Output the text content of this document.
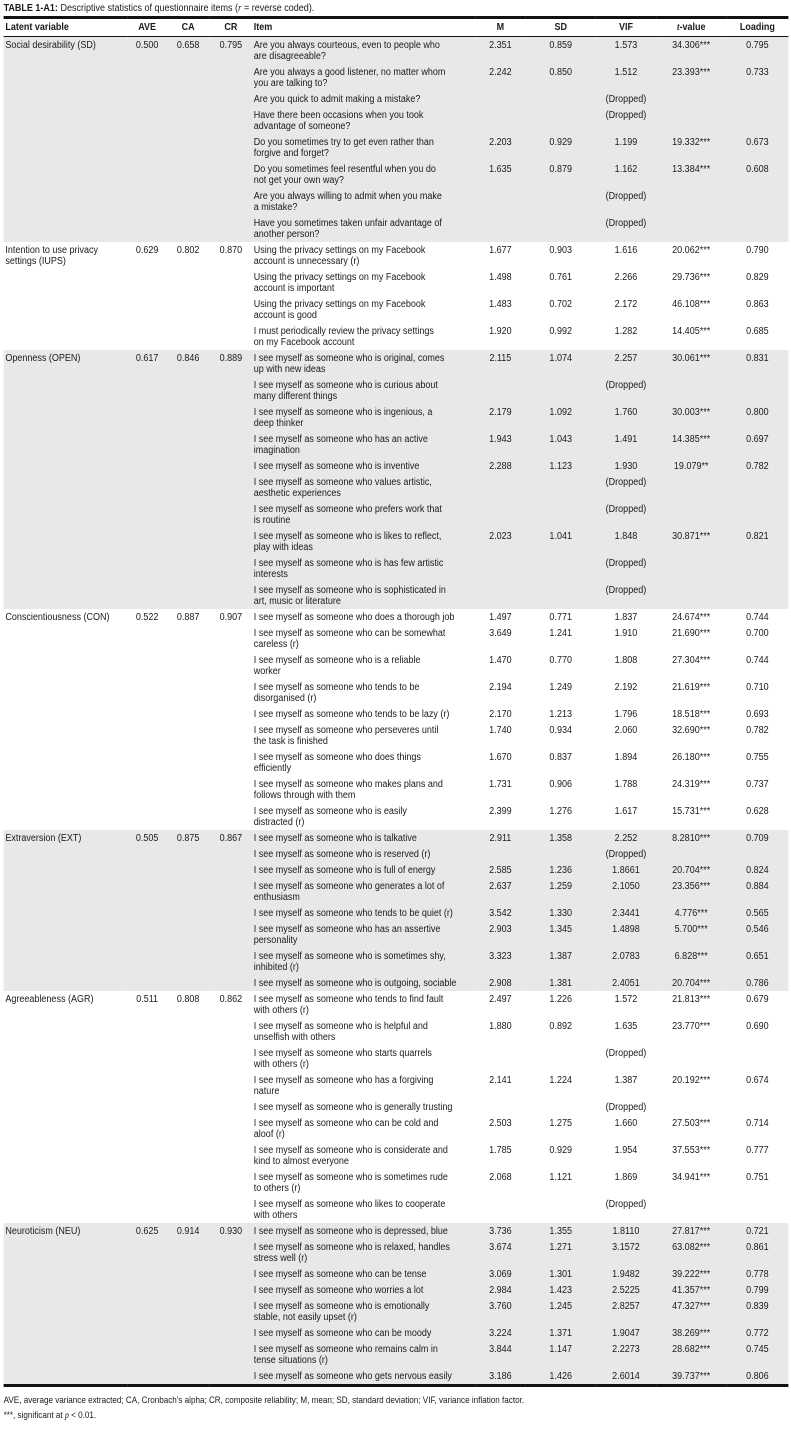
TABLE 1-A1: Descriptive statistics of questionnaire items (r = reverse coded).
Latent variable	AVE	CA	CR	Item	M	SD	VIF	t-value	Loading
Social desirability (SD)	0.500	0.658	0.795	Are you always courteous, even to people who
are disagreeable?	2.351	0.859	1.573	34.306***	0.795
				Are you always a good listener, no matter whom
you are talking to?	2.242	0.850	1.512	23.393***	0.733
				Are you quick to admit making a mistake?			(Dropped)		
				Have there been occasions when you took
advantage of someone?			(Dropped)		
				Do you sometimes try to get even rather than
forgive and forget?	2.203	0.929	1.199	19.332***	0.673
				Do you sometimes feel resentful when you do
not get your own way?	1.635	0.879	1.162	13.384***	0.608
				Are you always willing to admit when you make
a mistake?			(Dropped)		
				Have you sometimes taken unfair advantage of
another person?			(Dropped)		
Intention to use privacy
settings (IUPS)	0.629	0.802	0.870	Using the privacy settings on my Facebook
account is unnecessary (r)	1.677	0.903	1.616	20.062***	0.790
				Using the privacy settings on my Facebook
account is important	1.498	0.761	2.266	29.736***	0.829
				Using the privacy settings on my Facebook
account is good	1.483	0.702	2.172	46.108***	0.863
				I must periodically review the privacy settings
on my Facebook account	1.920	0.992	1.282	14.405***	0.685
Openness (OPEN)	0.617	0.846	0.889	I see myself as someone who is original, comes
up with new ideas	2.115	1.074	2.257	30.061***	0.831
				I see myself as someone who is curious about
many different things			(Dropped)		
				I see myself as someone who is ingenious, a
deep thinker	2.179	1.092	1.760	30.003***	0.800
				I see myself as someone who has an active
imagination	1.943	1.043	1.491	14.385***	0.697
				I see myself as someone who is inventive	2.288	1.123	1.930	19.079**	0.782
				I see myself as someone who values artistic,
aesthetic experiences			(Dropped)		
				I see myself as someone who prefers work that
is routine			(Dropped)		
				I see myself as someone who is likes to reflect,
play with ideas	2.023	1.041	1.848	30.871***	0.821
				I see myself as someone who is has few artistic
interests			(Dropped)		
				I see myself as someone who is sophisticated in
art, music or literature			(Dropped)		
Conscientiousness (CON)	0.522	0.887	0.907	I see myself as someone who does a thorough job	1.497	0.771	1.837	24.674***	0.744
				I see myself as someone who can be somewhat
careless (r)	3.649	1.241	1.910	21.690***	0.700
				I see myself as someone who is a reliable
worker	1.470	0.770	1.808	27.304***	0.744
				I see myself as someone who tends to be
disorganised (r)	2.194	1.249	2.192	21.619***	0.710
				I see myself as someone who tends to be lazy (r)	2.170	1.213	1.796	18.518***	0.693
				I see myself as someone who perseveres until
the task is finished	1.740	0.934	2.060	32.690***	0.782
				I see myself as someone who does things
efficiently	1.670	0.837	1.894	26.180***	0.755
				I see myself as someone who makes plans and
follows through with them	1.731	0.906	1.788	24.319***	0.737
				I see myself as someone who is easily
distracted (r)	2.399	1.276	1.617	15.731***	0.628
Extraversion (EXT)	0.505	0.875	0.867	I see myself as someone who is talkative	2.911	1.358	2.252	8.2810***	0.709
				I see myself as someone who is reserved (r)			(Dropped)		
				I see myself as someone who is full of energy	2.585	1.236	1.8661	20.704***	0.824
				I see myself as someone who generates a lot of
enthusiasm	2.637	1.259	2.1050	23.356***	0.884
				I see myself as someone who tends to be quiet (r)	3.542	1.330	2.3441	4.776***	0.565
				I see myself as someone who has an assertive
personality	2.903	1.345	1.4898	5.700***	0.546
				I see myself as someone who is sometimes shy,
inhibited (r)	3.323	1.387	2.0783	6.828***	0.651
				I see myself as someone who is outgoing, sociable	2.908	1.381	2.4051	20.704***	0.786
Agreeableness (AGR)	0.511	0.808	0.862	I see myself as someone who tends to find fault
with others (r)	2.497	1.226	1.572	21.813***	0.679
				I see myself as someone who is helpful and
unselfish with others	1.880	0.892	1.635	23.770***	0.690
				I see myself as someone who starts quarrels
with others (r)			(Dropped)		
				I see myself as someone who has a forgiving
nature	2.141	1.224	1.387	20.192***	0.674
				I see myself as someone who is generally trusting			(Dropped)		
				I see myself as someone who can be cold and
aloof (r)	2.503	1.275	1.660	27.503***	0.714
				I see myself as someone who is considerate and
kind to almost everyone	1.785	0.929	1.954	37.553***	0.777
				I see myself as someone who is sometimes rude
to others (r)	2.068	1.121	1.869	34.941***	0.751
				I see myself as someone who likes to cooperate
with others			(Dropped)		
Neuroticism (NEU)	0.625	0.914	0.930	I see myself as someone who is depressed, blue	3.736	1.355	1.8110	27.817***	0.721
				I see myself as someone who is relaxed, handles
stress well (r)	3.674	1.271	3.1572	63.082***	0.861
				I see myself as someone who can be tense	3.069	1.301	1.9482	39.222***	0.778
				I see myself as someone who worries a lot	2.984	1.423	2.5225	41.357***	0.799
				I see myself as someone who is emotionally
stable, not easily upset (r)	3.760	1.245	2.8257	47.327***	0.839
				I see myself as someone who can be moody	3.224	1.371	1.9047	38.269***	0.772
				I see myself as someone who remains calm in
tense situations (r)	3.844	1.147	2.2273	28.682***	0.745
				I see myself as someone who gets nervous easily	3.186	1.426	2.6014	39.737***	0.806
AVE, average variance extracted; CA, Cronbach's alpha; CR, composite reliability; M, mean; SD, standard deviation; VIF, variance inflation factor.
***, significant at p < 0.01.
